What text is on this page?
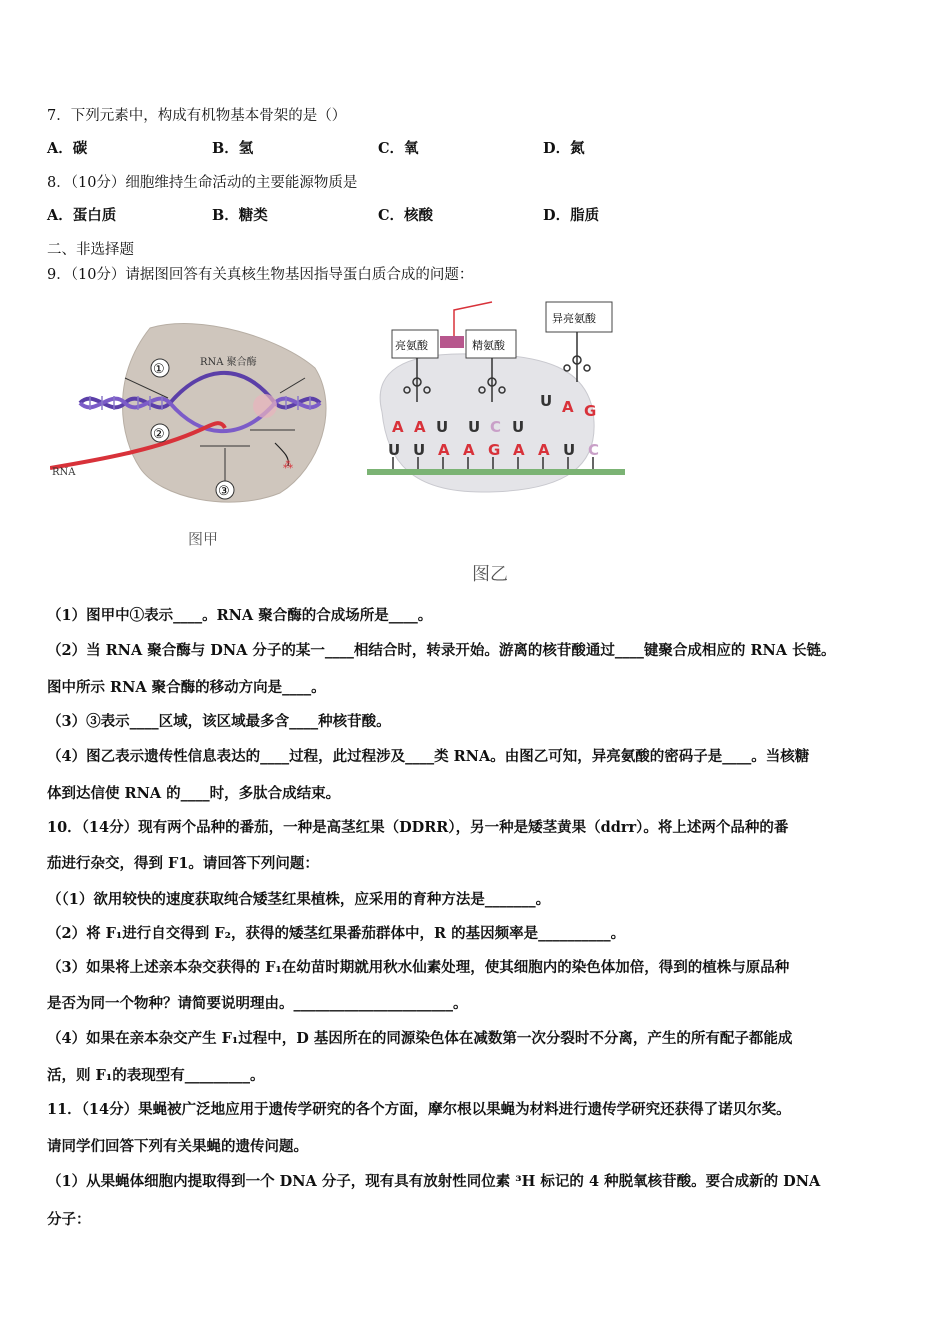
7．下列元素中，构成有机物基本骨架的是（）
A．碳	B．氢	C．氧	D．氮
8．（10分）细胞维持生命活动的主要能源物质是
A．蛋白质	B．糖类	C．核酸	D．脂质
二、非选择题
9．（10分）请据图回答有关真核生物基因指导蛋白质合成的问题：
⁂
①
②
③
RNA 聚合酶
RNA
图甲
亮氨酸	精氨酸
异亮氨酸
A A U U C U
U A G
U U A A G A A U C
图乙
（1）图甲中①表示____。RNA 聚合酶的合成场所是____。
（2）当 RNA 聚合酶与 DNA 分子的某一____相结合时，转录开始。游离的核苷酸通过____键聚合成相应的 RNA 长链。
图中所示 RNA 聚合酶的移动方向是____。
（3）③表示____区域，该区域最多含____种核苷酸。
（4）图乙表示遗传性信息表达的____过程，此过程涉及____类 RNA。由图乙可知，异亮氨酸的密码子是____。当核糖
体到达信使 RNA 的____时，多肽合成结束。
10．（14分）现有两个品种的番茄，一种是高茎红果（DDRR），另一种是矮茎黄果（ddrr）。将上述两个品种的番
茄进行杂交，得到 F1。请回答下列问题：
（（1）欲用较快的速度获取纯合矮茎红果植株，应采用的育种方法是_______。
（2）将 F₁进行自交得到 F₂，获得的矮茎红果番茄群体中，R 的基因频率是__________。
（3）如果将上述亲本杂交获得的 F₁在幼苗时期就用秋水仙素处理，使其细胞内的染色体加倍，得到的植株与原品种
是否为同一个物种？请简要说明理由。______________________。
（4）如果在亲本杂交产生 F₁过程中，D 基因所在的同源染色体在减数第一次分裂时不分离，产生的所有配子都能成
活，则 F₁的表现型有_________。
11．（14分）果蝇被广泛地应用于遗传学研究的各个方面，摩尔根以果蝇为材料进行遗传学研究还获得了诺贝尔奖。
请同学们回答下列有关果蝇的遗传问题。
（1）从果蝇体细胞内提取得到一个 DNA 分子，现有具有放射性同位素 ³H 标记的 4 种脱氧核苷酸。要合成新的 DNA
分子：
